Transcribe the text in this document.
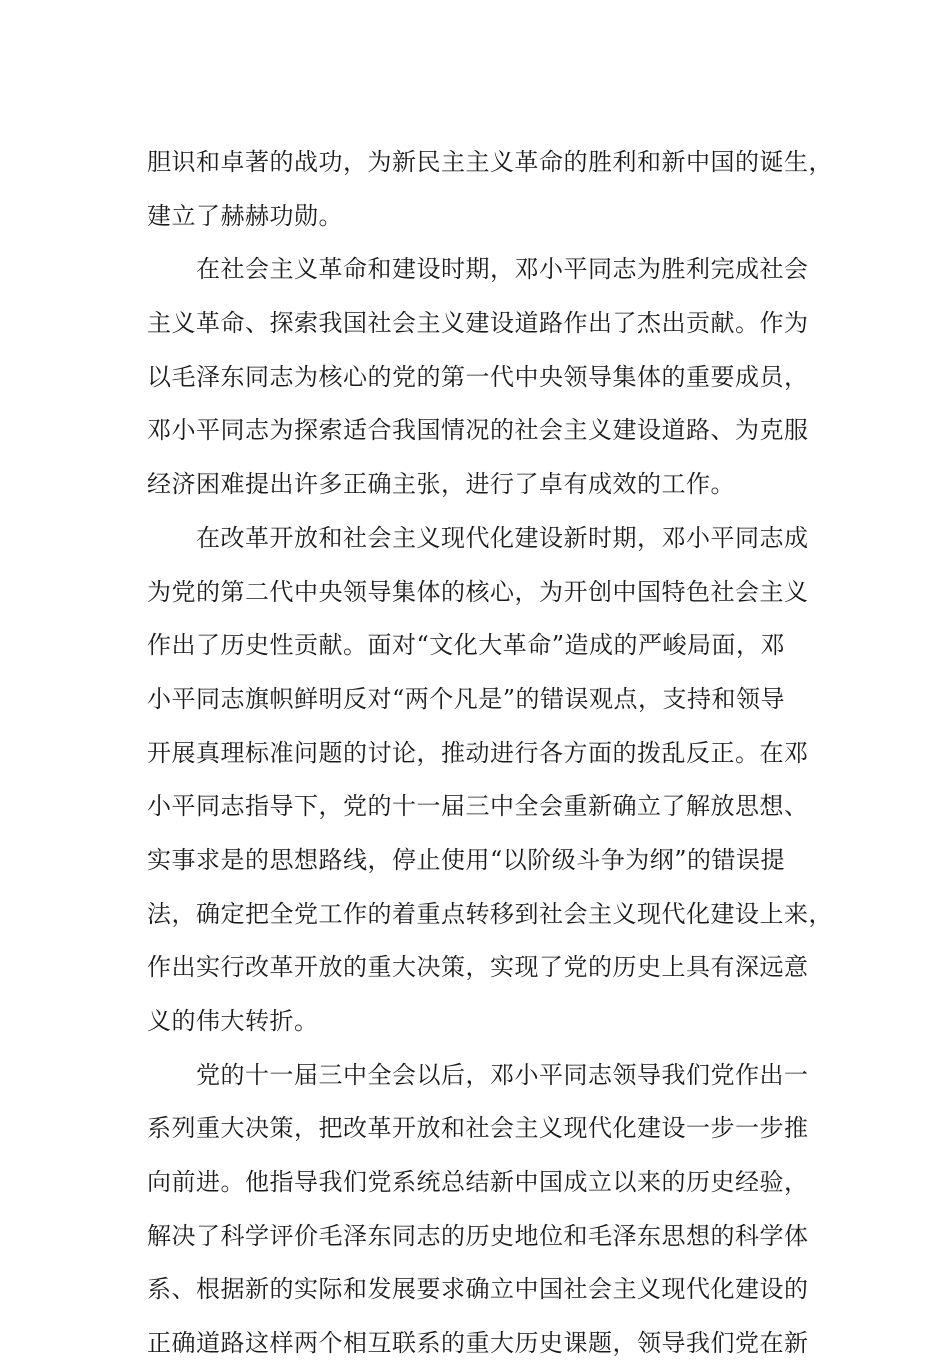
胆识和卓著的战功，为新民主主义革命的胜利和新中国的诞生，
建立了赫赫功勋。
　　在社会主义革命和建设时期，邓小平同志为胜利完成社会
主义革命、探索我国社会主义建设道路作出了杰出贡献。作为
以毛泽东同志为核心的党的第一代中央领导集体的重要成员，
邓小平同志为探索适合我国情况的社会主义建设道路、为克服
经济困难提出许多正确主张，进行了卓有成效的工作。
　　在改革开放和社会主义现代化建设新时期，邓小平同志成
为党的第二代中央领导集体的核心，为开创中国特色社会主义
作出了历史性贡献。面对“文化大革命”造成的严峻局面，邓
小平同志旗帜鲜明反对“两个凡是”的错误观点，支持和领导
开展真理标准问题的讨论，推动进行各方面的拨乱反正。在邓
小平同志指导下，党的十一届三中全会重新确立了解放思想、
实事求是的思想路线，停止使用“以阶级斗争为纲”的错误提
法，确定把全党工作的着重点转移到社会主义现代化建设上来，
作出实行改革开放的重大决策，实现了党的历史上具有深远意
义的伟大转折。
　　党的十一届三中全会以后，邓小平同志领导我们党作出一
系列重大决策，把改革开放和社会主义现代化建设一步一步推
向前进。他指导我们党系统总结新中国成立以来的历史经验，
解决了科学评价毛泽东同志的历史地位和毛泽东思想的科学体
系、根据新的实际和发展要求确立中国社会主义现代化建设的
正确道路这样两个相互联系的重大历史课题，领导我们党在新
